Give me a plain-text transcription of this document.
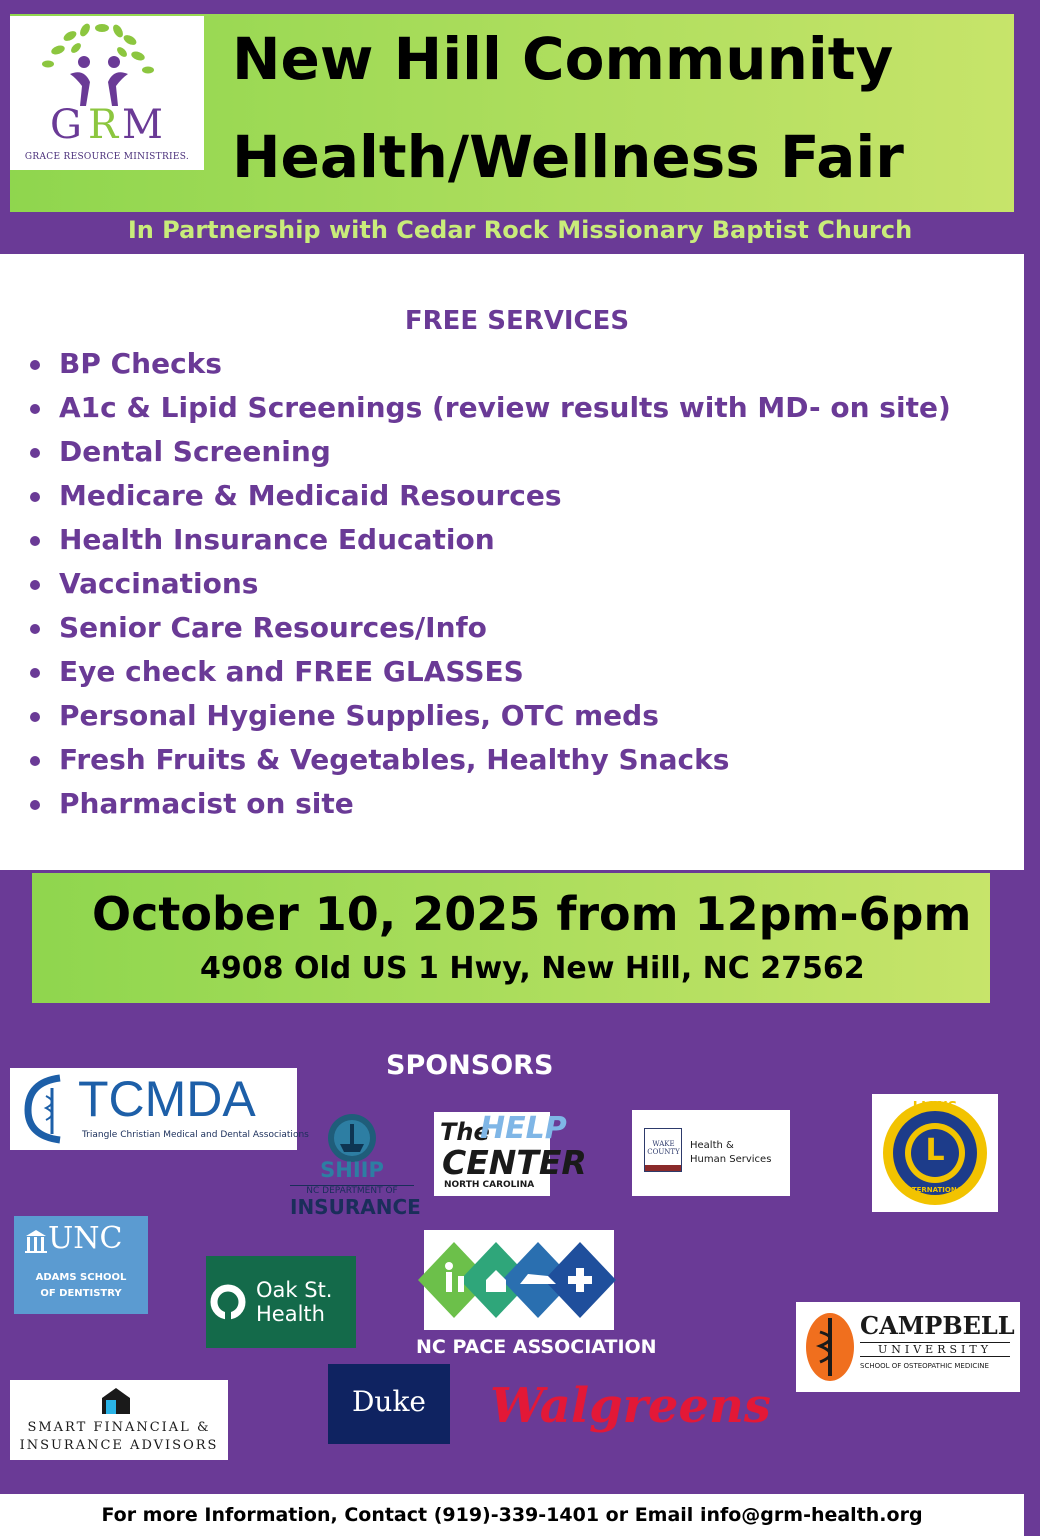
New Hill Community
Health/Wellness Fair
G R M
GRACE RESOURCE MINISTRIES.
In Partnership with Cedar Rock Missionary Baptist Church
FREE SERVICES
BP Checks
A1c & Lipid Screenings (review results with MD- on site)
Dental Screening
Medicare & Medicaid Resources
Health Insurance Education
Vaccinations
Senior Care Resources/Info
Eye check and FREE GLASSES
Personal Hygiene Supplies, OTC meds
Fresh Fruits & Vegetables, Healthy Snacks
Pharmacist on site
October 10, 2025 from 12pm-6pm
4908 Old US 1 Hwy, New Hill, NC 27562
SPONSORS
TCMDA
Triangle Christian Medical and Dental Associations
SHIIP
NC DEPARTMENT OF
INSURANCE
The
HELP
CENTER
NORTH CAROLINA
WAKE COUNTY
Health &
Human Services
LIONS
L
INTERNATIONAL
UNC
ADAMS SCHOOL
OF DENTISTRY	Oak St.
Health
NC PACE ASSOCIATION
CAMPBELL
UNIVERSITY
SCHOOL OF OSTEOPATHIC MEDICINE
SMART FINANCIAL &
INSURANCE ADVISORS
Duke	Walgreens
For more Information, Contact (919)-339-1401 or Email info@grm-health.org
